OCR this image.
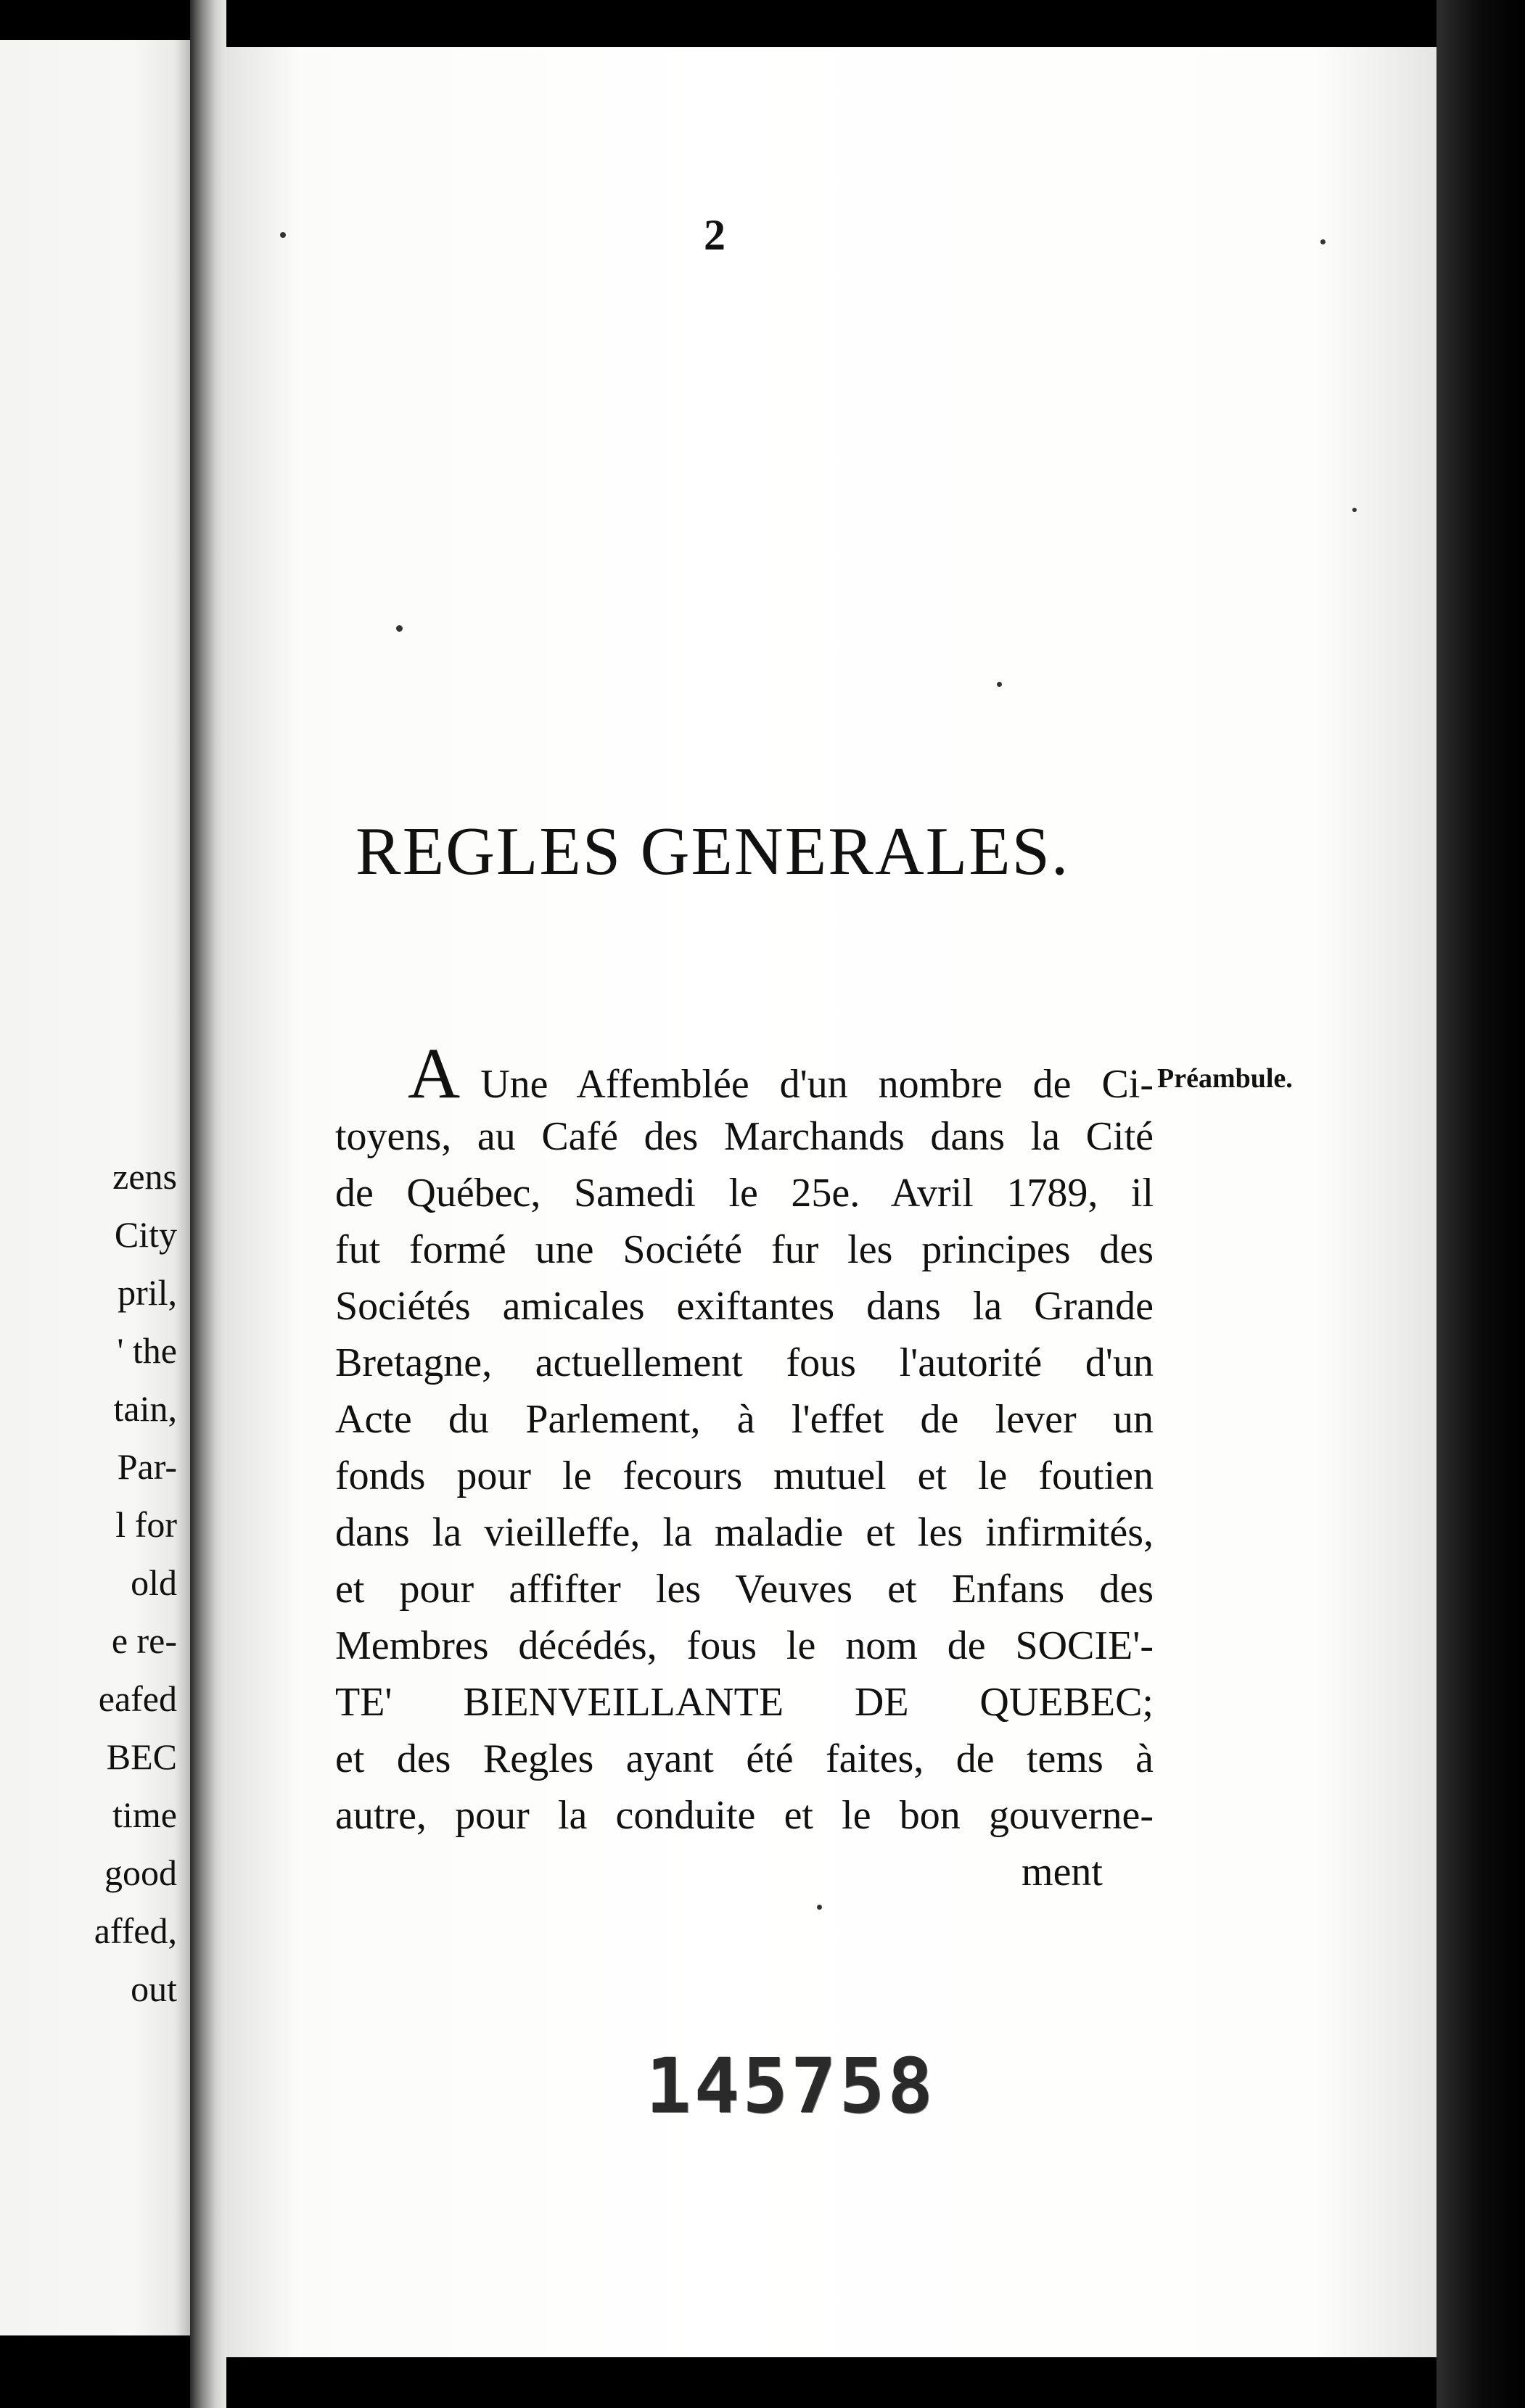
zens
City
pril,
' the
tain,
Par-
l for
old
e re-
eafed
BEC
time
good
affed,
out
2
REGLES GENERALES.
Préambule.
A Une Affemblée d'un nombre de Ci-
toyens, au Café des Marchands dans la Cité
de Québec, Samedi le 25e. Avril 1789, il
fut formé une Société fur les principes des
Sociétés amicales exiftantes dans la Grande
Bretagne, actuellement fous l'autorité d'un
Acte du Parlement, à l'effet de lever un
fonds pour le fecours mutuel et le foutien
dans la vieilleffe, la maladie et les infirmités,
et pour affifter les Veuves et Enfans des
Membres décédés, fous le nom de SOCIE'-
TE' BIENVEILLANTE DE QUEBEC;
et des Regles ayant été faites, de tems à
autre, pour la conduite et le bon gouverne-
ment
145758
